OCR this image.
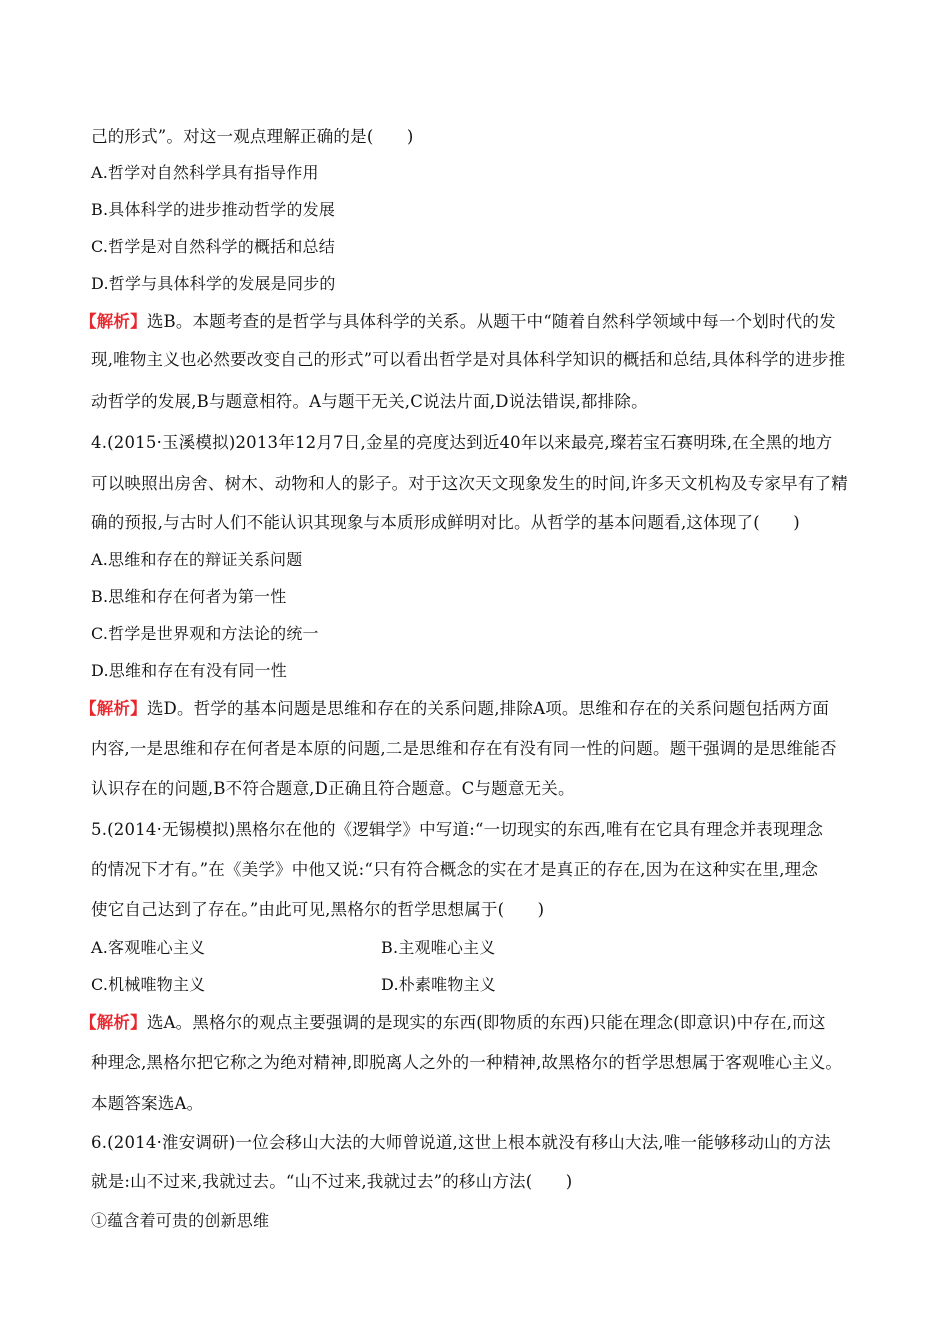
己的形式”。对这一观点理解正确的是(　　)
A.哲学对自然科学具有指导作用
B.具体科学的进步推动哲学的发展
C.哲学是对自然科学的概括和总结
D.哲学与具体科学的发展是同步的
【解析】选B。本题考查的是哲学与具体科学的关系。从题干中“随着自然科学领域中每一个划时代的发
现,唯物主义也必然要改变自己的形式”可以看出哲学是对具体科学知识的概括和总结,具体科学的进步推
动哲学的发展,B与题意相符。A与题干无关,C说法片面,D说法错误,都排除。
4.(2015·玉溪模拟)2013年12月7日,金星的亮度达到近40年以来最亮,璨若宝石赛明珠,在全黑的地方
可以映照出房舍、树木、动物和人的影子。对于这次天文现象发生的时间,许多天文机构及专家早有了精
确的预报,与古时人们不能认识其现象与本质形成鲜明对比。从哲学的基本问题看,这体现了(　　)
A.思维和存在的辩证关系问题
B.思维和存在何者为第一性
C.哲学是世界观和方法论的统一
D.思维和存在有没有同一性
【解析】选D。哲学的基本问题是思维和存在的关系问题,排除A项。思维和存在的关系问题包括两方面
内容,一是思维和存在何者是本原的问题,二是思维和存在有没有同一性的问题。题干强调的是思维能否
认识存在的问题,B不符合题意,D正确且符合题意。C与题意无关。
5.(2014·无锡模拟)黑格尔在他的《逻辑学》中写道:“一切现实的东西,唯有在它具有理念并表现理念
的情况下才有。”在《美学》中他又说:“只有符合概念的实在才是真正的存在,因为在这种实在里,理念
使它自己达到了存在。”由此可见,黑格尔的哲学思想属于(　　)
A.客观唯心主义	B.主观唯心主义
C.机械唯物主义	D.朴素唯物主义
【解析】选A。黑格尔的观点主要强调的是现实的东西(即物质的东西)只能在理念(即意识)中存在,而这
种理念,黑格尔把它称之为绝对精神,即脱离人之外的一种精神,故黑格尔的哲学思想属于客观唯心主义。
本题答案选A。
6.(2014·淮安调研)一位会移山大法的大师曾说道,这世上根本就没有移山大法,唯一能够移动山的方法
就是:山不过来,我就过去。“山不过来,我就过去”的移山方法(　　)
①蕴含着可贵的创新思维
